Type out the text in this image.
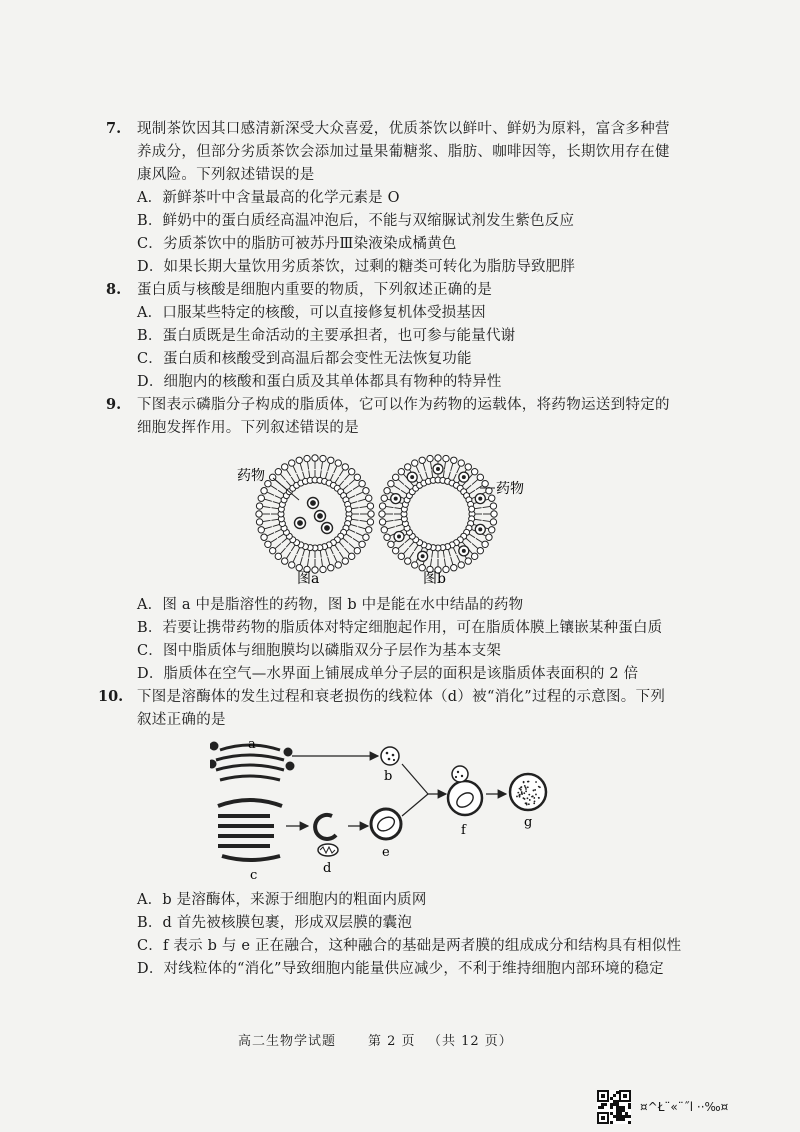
7. 现制茶饮因其口感清新深受大众喜爱，优质茶饮以鲜叶、鲜奶为原料，富含多种营
养成分，但部分劣质茶饮会添加过量果葡糖浆、脂肪、咖啡因等，长期饮用存在健
康风险。下列叙述错误的是
A．新鲜茶叶中含量最高的化学元素是 O
B．鲜奶中的蛋白质经高温冲泡后，不能与双缩脲试剂发生紫色反应
C．劣质茶饮中的脂肪可被苏丹Ⅲ染液染成橘黄色
D．如果长期大量饮用劣质茶饮，过剩的糖类可转化为脂肪导致肥胖
8. 蛋白质与核酸是细胞内重要的物质，下列叙述正确的是
A．口服某些特定的核酸，可以直接修复机体受损基因
B．蛋白质既是生命活动的主要承担者，也可参与能量代谢
C．蛋白质和核酸受到高温后都会变性无法恢复功能
D．细胞内的核酸和蛋白质及其单体都具有物种的特异性
9. 下图表示磷脂分子构成的脂质体，它可以作为药物的运载体，将药物运送到特定的
细胞发挥作用。下列叙述错误的是
药物
药物
图a	图b
A．图 a 中是脂溶性的药物，图 b 中是能在水中结晶的药物
B．若要让携带药物的脂质体对特定细胞起作用，可在脂质体膜上镶嵌某种蛋白质
C．图中脂质体与细胞膜均以磷脂双分子层作为基本支架
D．脂质体在空气—水界面上铺展成单分子层的面积是该脂质体表面积的 2 倍
10. 下图是溶酶体的发生过程和衰老损伤的线粒体（d）被“消化”过程的示意图。下列
叙述正确的是
a
c
b
d
e
f
g
A．b 是溶酶体，来源于细胞内的粗面内质网
B．d 首先被核膜包裹，形成双层膜的囊泡
C．f 表示 b 与 e 正在融合，这种融合的基础是两者膜的组成成分和结构具有相似性
D．对线粒体的“消化”导致细胞内能量供应减少，不利于维持细胞内部环境的稳定
高二生物学试题 第 2 页 （共 12 页）
¤^Ł¨«¨˝l ··‰¤
